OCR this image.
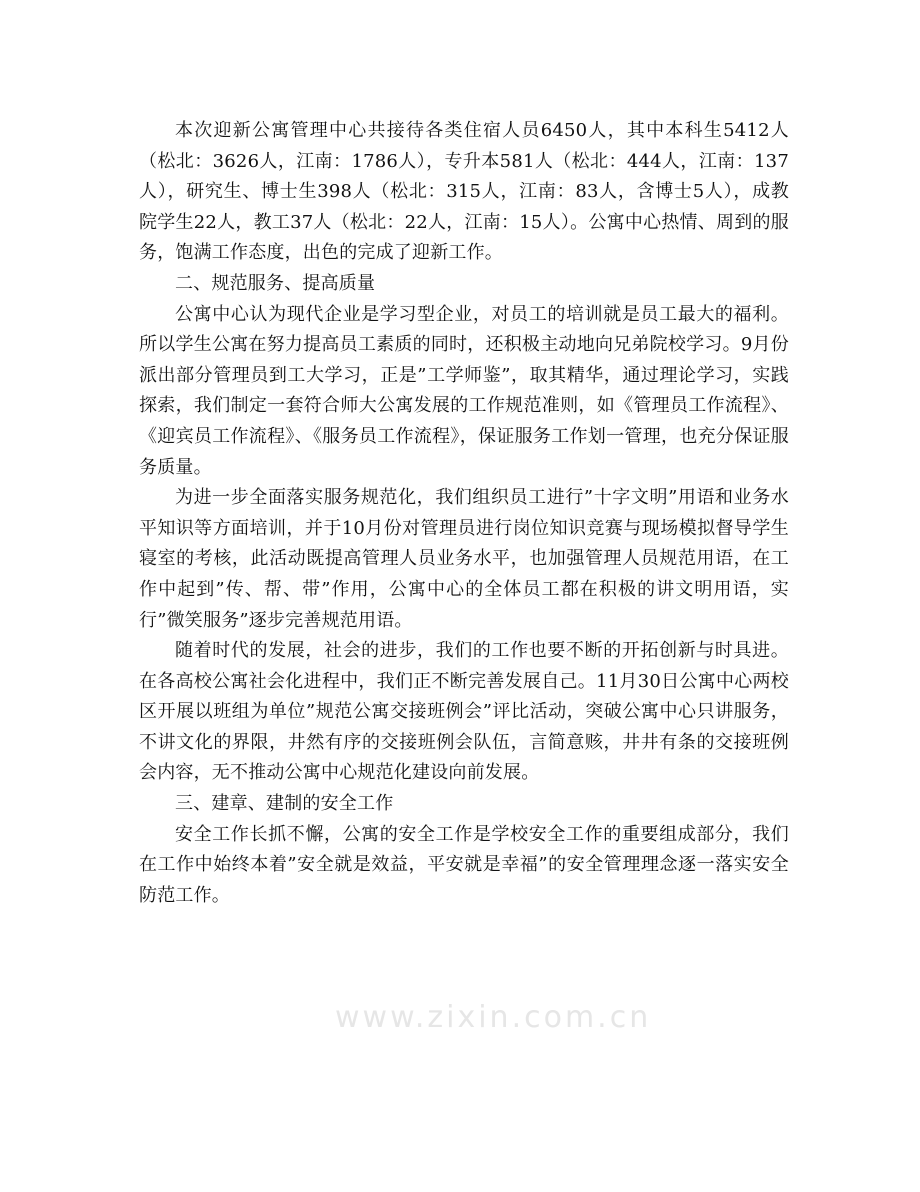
本次迎新公寓管理中心共接待各类住宿人员6450人，其中本科生5412人（松北：3626人，江南：1786人），专升本581人（松北：444人，江南：137人），研究生、博士生398人（松北：315人，江南：83人，含博士5人），成教院学生22人，教工37人（松北：22人，江南：15人）。公寓中心热情、周到的服务，饱满工作态度，出色的完成了迎新工作。

二、规范服务、提高质量

公寓中心认为现代企业是学习型企业，对员工的培训就是员工最大的福利。所以学生公寓在努力提高员工素质的同时，还积极主动地向兄弟院校学习。9月份派出部分管理员到工大学习，正是”工学师鉴”，取其精华，通过理论学习，实践探索，我们制定一套符合师大公寓发展的工作规范准则，如《管理员工作流程》、《迎宾员工作流程》、《服务员工作流程》，保证服务工作划一管理，也充分保证服务质量。

为进一步全面落实服务规范化，我们组织员工进行”十字文明”用语和业务水平知识等方面培训，并于10月份对管理员进行岗位知识竞赛与现场模拟督导学生寝室的考核，此活动既提高管理人员业务水平，也加强管理人员规范用语，在工作中起到”传、帮、带”作用，公寓中心的全体员工都在积极的讲文明用语，实行”微笑服务”逐步完善规范用语。

随着时代的发展，社会的进步，我们的工作也要不断的开拓创新与时具进。在各高校公寓社会化进程中，我们正不断完善发展自己。11月30日公寓中心两校区开展以班组为单位”规范公寓交接班例会”评比活动，突破公寓中心只讲服务，不讲文化的界限，井然有序的交接班例会队伍，言简意赅，井井有条的交接班例会内容，无不推动公寓中心规范化建设向前发展。

三、建章、建制的安全工作

安全工作长抓不懈，公寓的安全工作是学校安全工作的重要组成部分，我们在工作中始终本着”安全就是效益，平安就是幸福”的安全管理理念逐一落实安全防范工作。

www.zixin.com.cn
